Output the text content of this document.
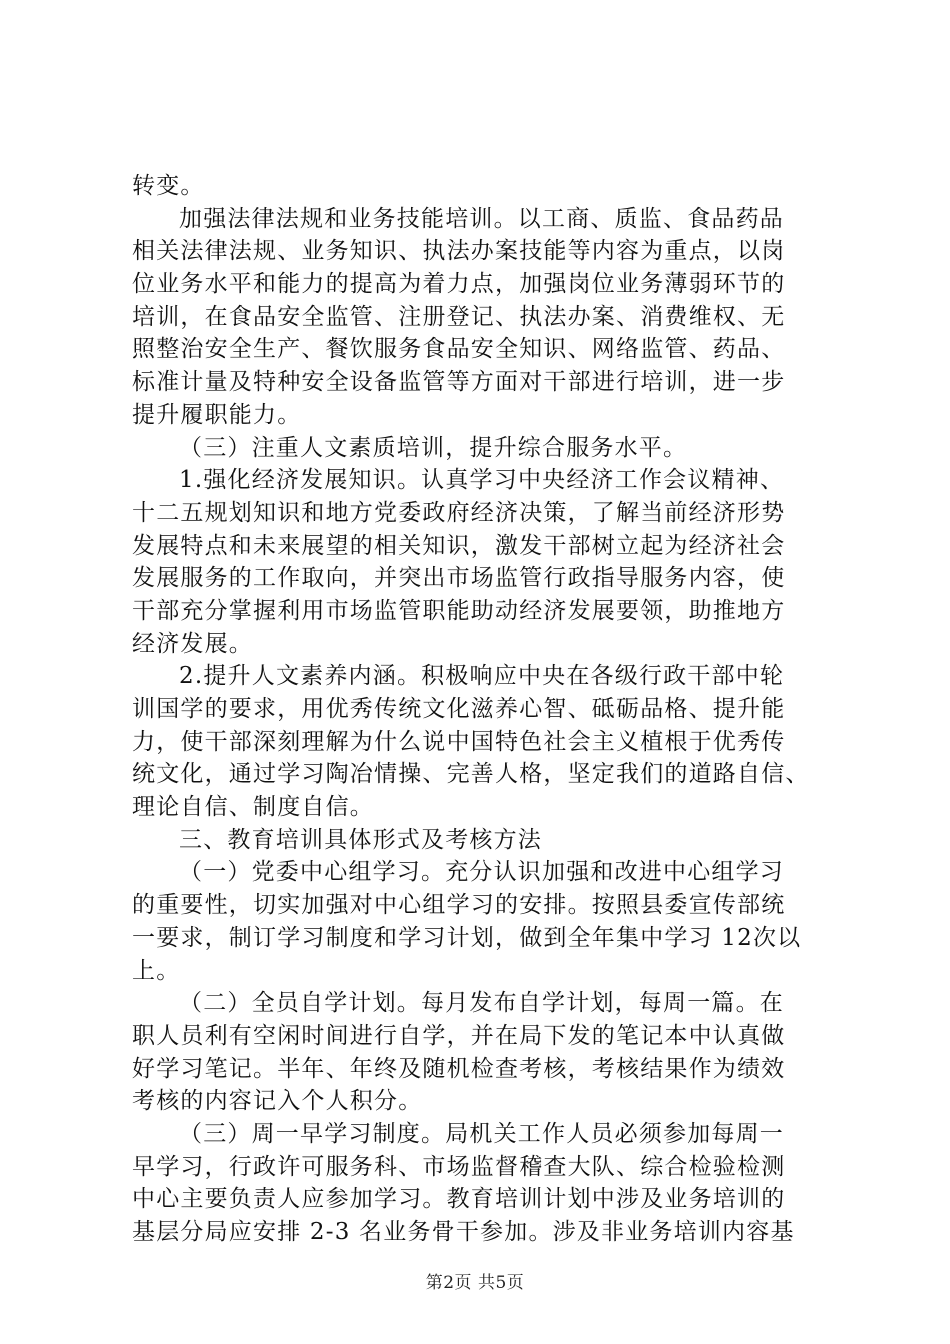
转变。
加强法律法规和业务技能培训。以工商、质监、食品药品
相关法律法规、业务知识、执法办案技能等内容为重点，以岗
位业务水平和能力的提高为着力点，加强岗位业务薄弱环节的
培训，在食品安全监管、注册登记、执法办案、消费维权、无
照整治安全生产、餐饮服务食品安全知识、网络监管、药品、
标准计量及特种安全设备监管等方面对干部进行培训，进一步
提升履职能力。
（三）注重人文素质培训，提升综合服务水平。
1.强化经济发展知识。认真学习中央经济工作会议精神、
十二五规划知识和地方党委政府经济决策，了解当前经济形势
发展特点和未来展望的相关知识，激发干部树立起为经济社会
发展服务的工作取向，并突出市场监管行政指导服务内容，使
干部充分掌握利用市场监管职能助动经济发展要领，助推地方
经济发展。
2.提升人文素养内涵。积极响应中央在各级行政干部中轮
训国学的要求，用优秀传统文化滋养心智、砥砺品格、提升能
力，使干部深刻理解为什么说中国特色社会主义植根于优秀传
统文化，通过学习陶冶情操、完善人格，坚定我们的道路自信、
理论自信、制度自信。
三、教育培训具体形式及考核方法
（一）党委中心组学习。充分认识加强和改进中心组学习
的重要性，切实加强对中心组学习的安排。按照县委宣传部统
一要求，制订学习制度和学习计划，做到全年集中学习 12次以
上。
（二）全员自学计划。每月发布自学计划，每周一篇。在
职人员利有空闲时间进行自学，并在局下发的笔记本中认真做
好学习笔记。半年、年终及随机检查考核，考核结果作为绩效
考核的内容记入个人积分。
（三）周一早学习制度。局机关工作人员必须参加每周一
早学习，行政许可服务科、市场监督稽查大队、综合检验检测
中心主要负责人应参加学习。教育培训计划中涉及业务培训的
基层分局应安排 2-3 名业务骨干参加。涉及非业务培训内容基
第2页 共5页
